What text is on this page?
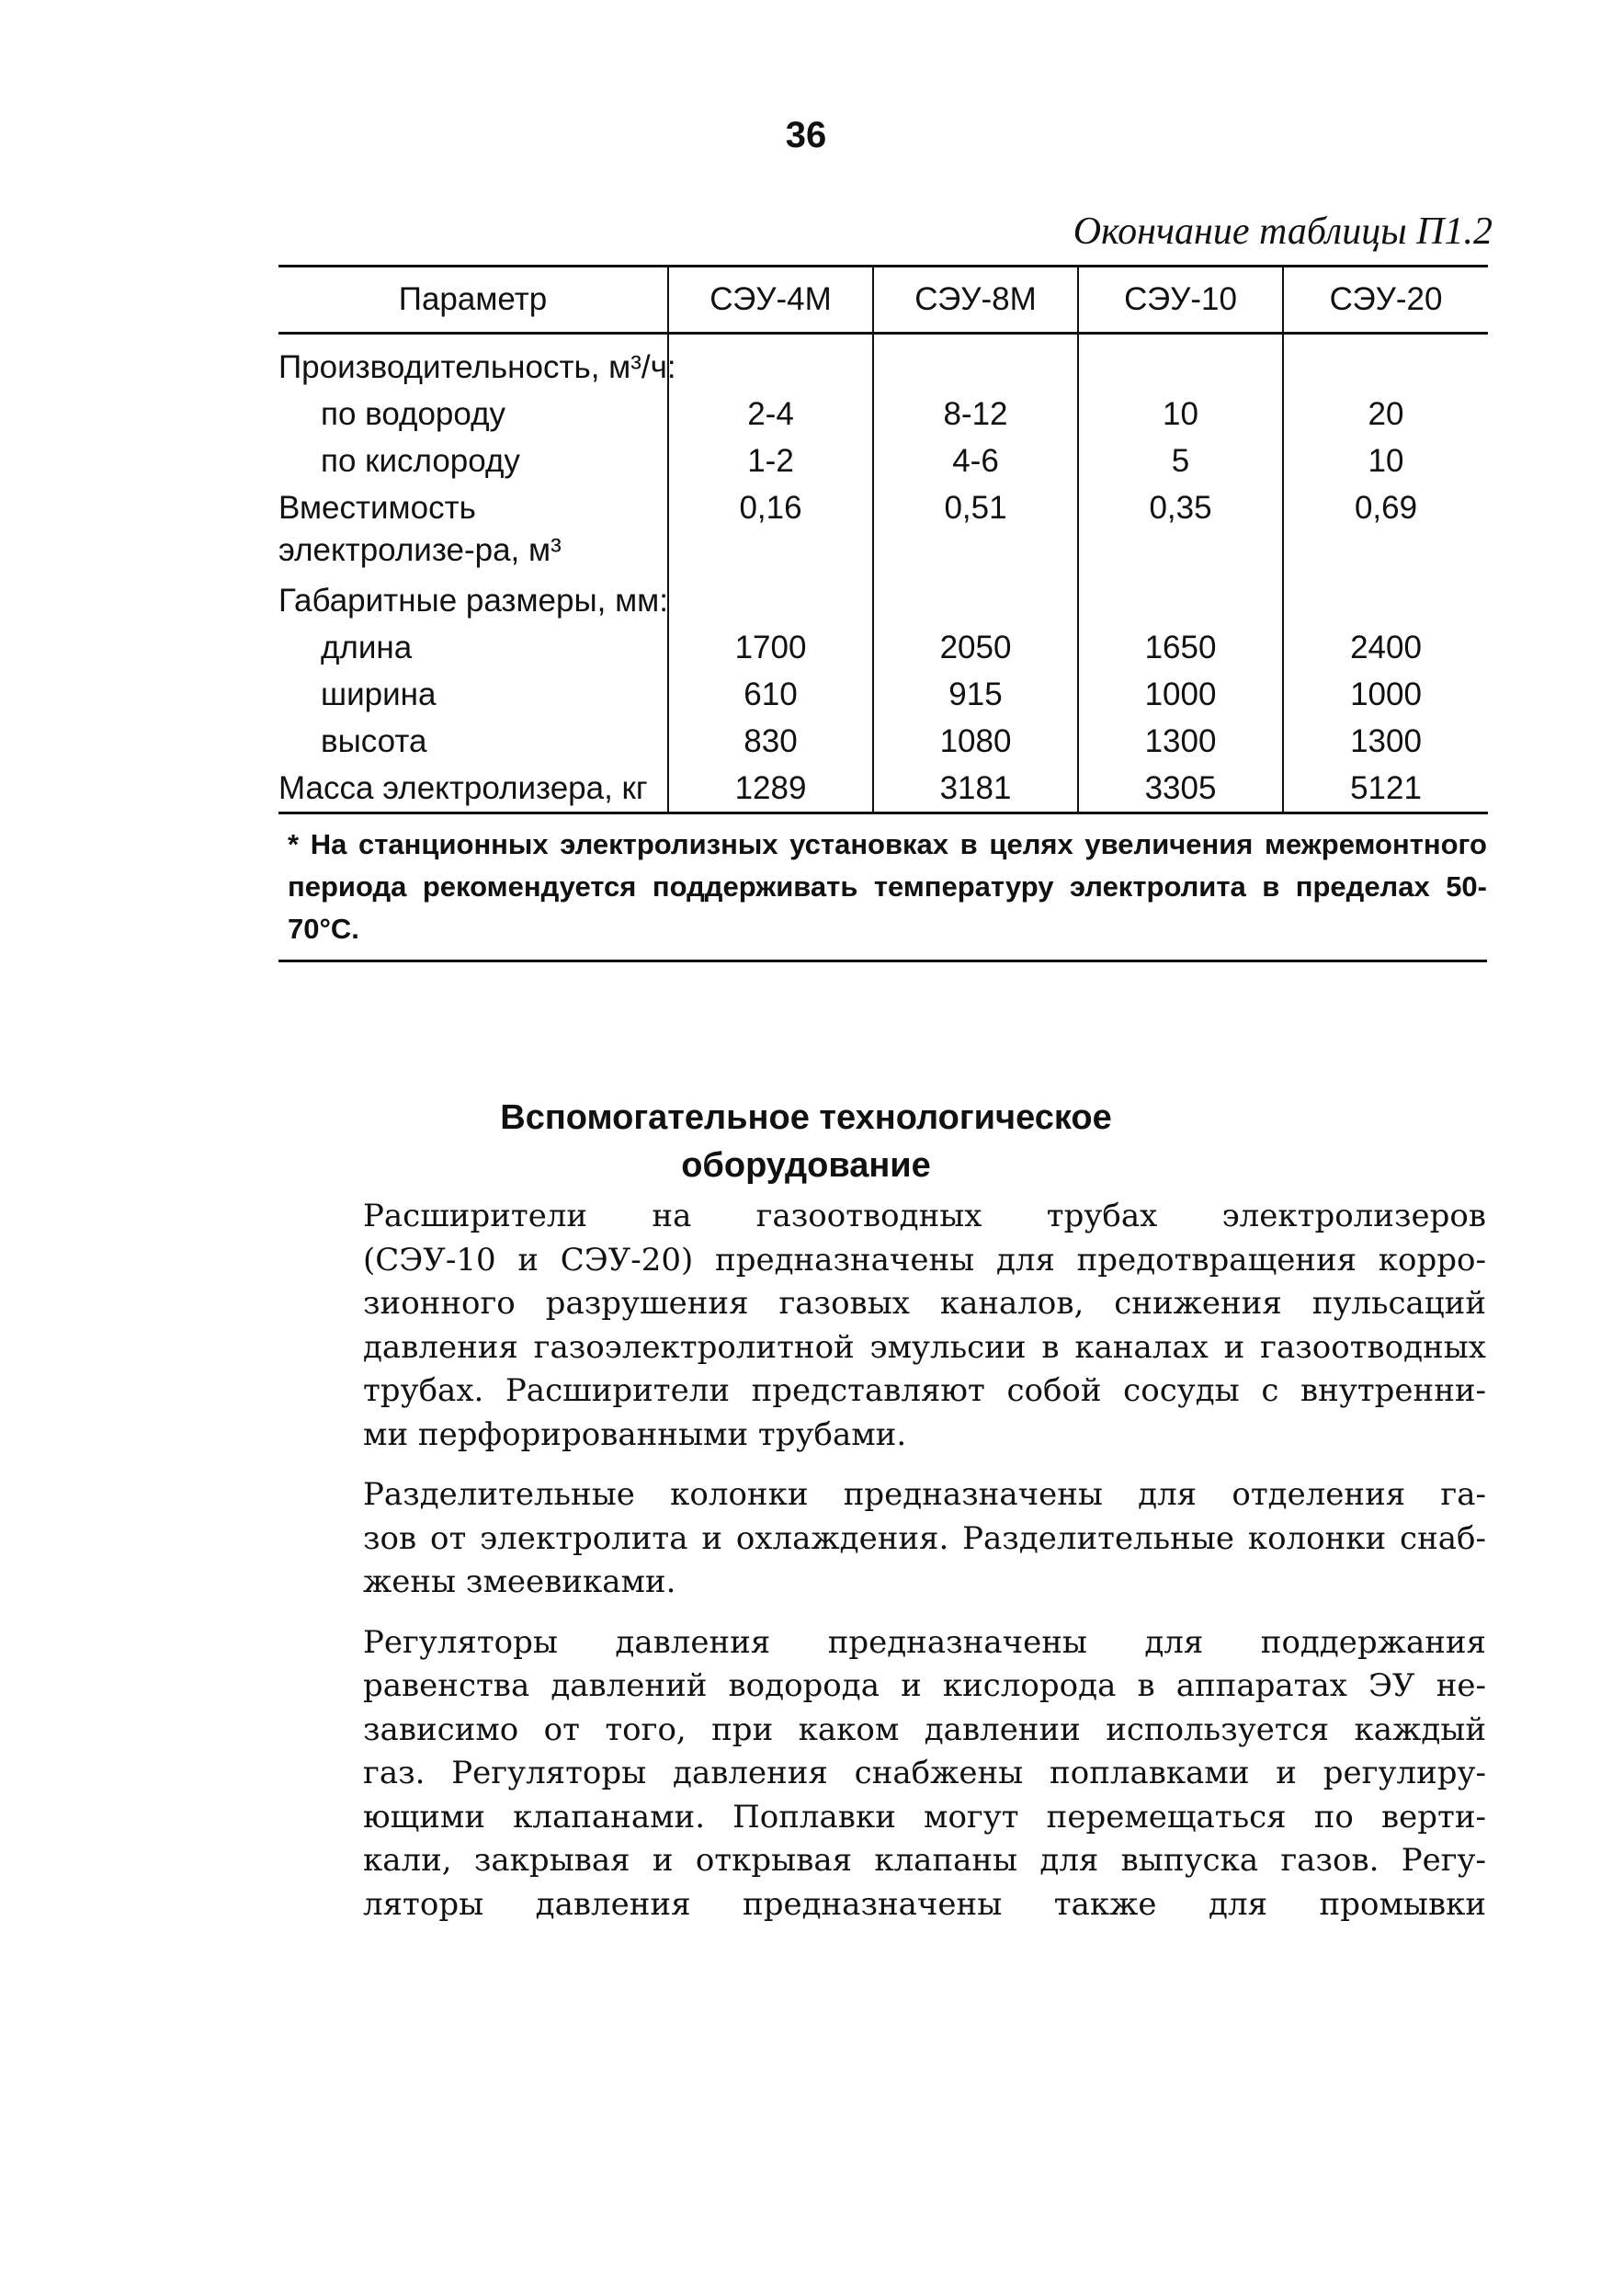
36
Окончание таблицы П1.2
Параметр	СЭУ-4М	СЭУ-8М	СЭУ-10	СЭУ-20
Производительность, м³/ч:				
по водороду	2-4	8-12	10	20
по кислороду	1-2	4-6	5	10
Вместимость электролизе-ра, м³	0,16	0,51	0,35	0,69
Габаритные размеры, мм:				
длина	1700	2050	1650	2400
ширина	610	915	1000	1000
высота	830	1080	1300	1300
Масса электролизера, кг	1289	3181	3305	5121
* На станционных электролизных установках в целях увеличения межремонтного периода рекомендуется поддерживать температуру электролита в пределах 50-70°С.
Вспомогательное технологическое
оборудование

Расширители на газоотводных трубах электролизеров
(СЭУ-10 и СЭУ-20) предназначены для предотвращения корро-
зионного разрушения газовых каналов, снижения пульсаций
давления газоэлектролитной эмульсии в каналах и газоотводных
трубах. Расширители представляют собой сосуды с внутренни-
ми перфорированными трубами.

Разделительные колонки предназначены для отделения га-
зов от электролита и охлаждения. Разделительные колонки снаб-
жены змеевиками.

Регуляторы давления предназначены для поддержания
равенства давлений водорода и кислорода в аппаратах ЭУ не-
зависимо от того, при каком давлении используется каждый
газ. Регуляторы давления снабжены поплавками и регулиру-
ющими клапанами. Поплавки могут перемещаться по верти-
кали, закрывая и открывая клапаны для выпуска газов. Регу-
ляторы давления предназначены также для промывки
